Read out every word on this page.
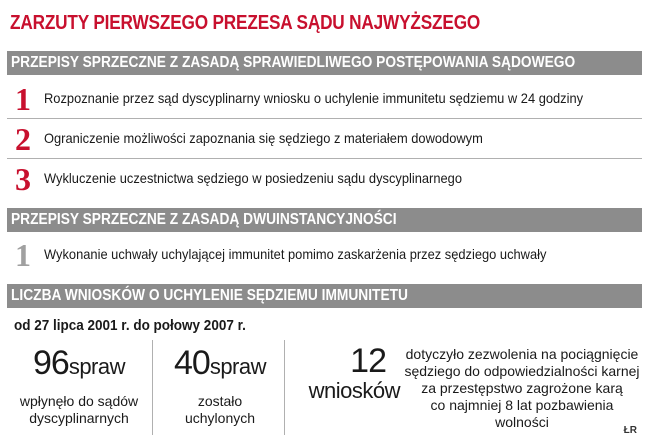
ZARZUTY PIERWSZEGO PREZESA SĄDU NAJWYŻSZEGO
PRZEPISY SPRZECZNE Z ZASADĄ SPRAWIEDLIWEGO POSTĘPOWANIA SĄDOWEGO
1 Rozpoznanie przez sąd dyscyplinarny wniosku o uchylenie immunitetu sędziemu w 24 godziny
2 Ograniczenie możliwości zapoznania się sędziego z materiałem dowodowym
3 Wykluczenie uczestnictwa sędziego w posiedzeniu sądu dyscyplinarnego
PRZEPISY SPRZECZNE Z ZASADĄ DWUINSTANCYJNOŚCI
1 Wykonanie uchwały uchylającej immunitet pomimo zaskarżenia przez sędziego uchwały
LICZBA WNIOSKÓW O UCHYLENIE SĘDZIEMU IMMUNITETU
od 27 lipca 2001 r. do połowy 2007 r.
96spraw
wpłynęło do sądów
dyscyplinarnych
40spraw
zostało
uchylonych
12
wniosków
dotyczyło zezwolenia na pociągnięcie
sędziego do odpowiedzialności karnej
za przestępstwo zagrożone karą
co najmniej 8 lat pozbawienia wolności
ŁR
